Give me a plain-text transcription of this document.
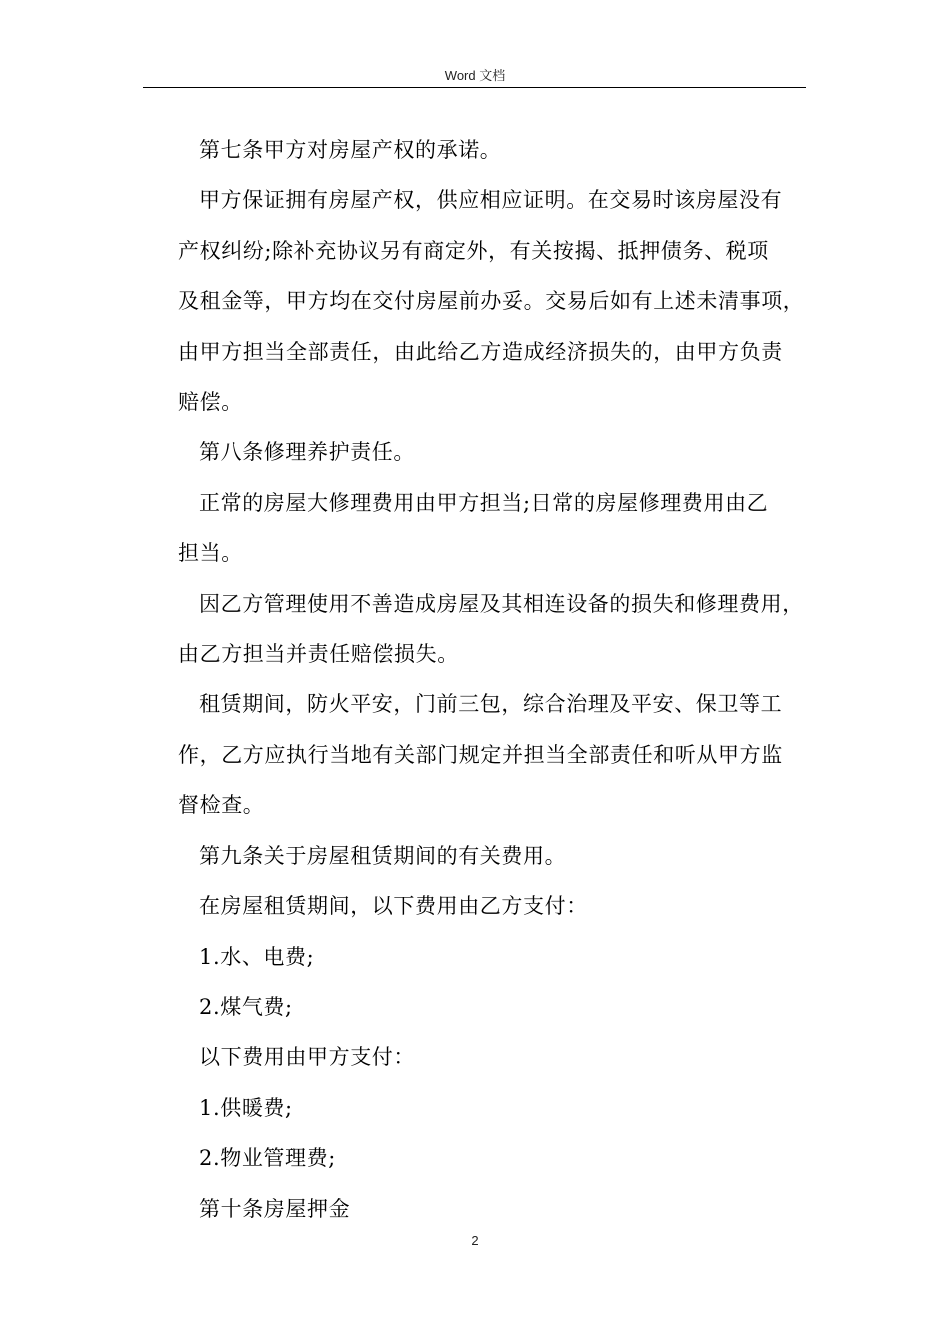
Word 文档

第七条甲方对房屋产权的承诺。

甲方保证拥有房屋产权，供应相应证明。在交易时该房屋没有
产权纠纷;除补充协议另有商定外，有关按揭、抵押债务、税项
及租金等，甲方均在交付房屋前办妥。交易后如有上述未清事项，
由甲方担当全部责任，由此给乙方造成经济损失的，由甲方负责
赔偿。

第八条修理养护责任。

正常的房屋大修理费用由甲方担当;日常的房屋修理费用由乙
担当。

因乙方管理使用不善造成房屋及其相连设备的损失和修理费用，
由乙方担当并责任赔偿损失。

租赁期间，防火平安，门前三包，综合治理及平安、保卫等工
作，乙方应执行当地有关部门规定并担当全部责任和听从甲方监
督检查。

第九条关于房屋租赁期间的有关费用。

在房屋租赁期间，以下费用由乙方支付：

1.水、电费;

2.煤气费;

以下费用由甲方支付：

1.供暖费;

2.物业管理费;

第十条房屋押金

2
